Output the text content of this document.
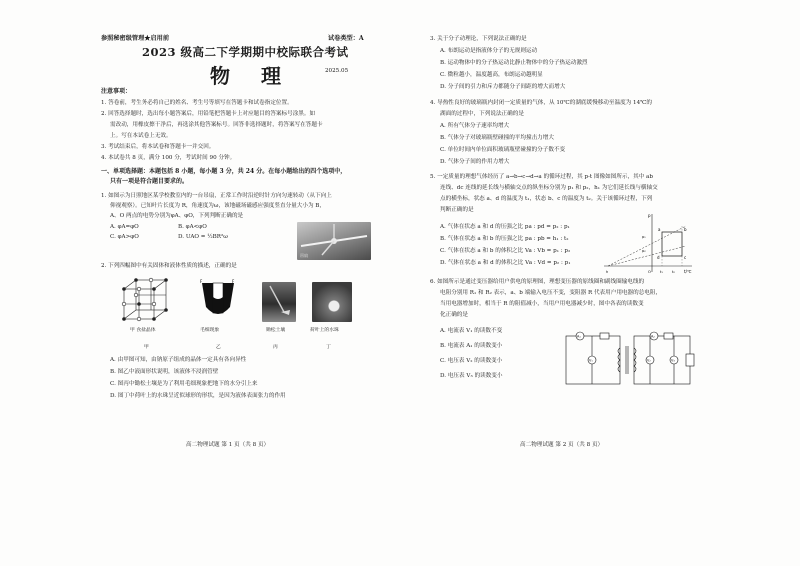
参照秘密级管理★启用前	试卷类型：A
2023 级高二下学期期中校际联合考试
物 理	2025.05
注意事项：
1. 答卷前，考生务必将自己的姓名、考生号等填写在答题卡和试卷指定位置。
2. 回答选择题时，选出每小题答案后，用铅笔把答题卡上对应题目的答案标号涂黑。如
需改动，用橡皮擦干净后，再选涂其他答案标号。回答非选择题时，将答案写在答题卡
上。写在本试卷上无效。
3. 考试结束后，将本试卷和答题卡一并交回。
4. 本试卷共 8 页，满分 100 分，考试时间 90 分钟。
一、单项选择题：本题包括 8 小题，每小题 3 分，共 24 分。在每小题给出的四个选项中，
只有一项是符合题目要求的。
1. 如图示为日照地区某学校教室内的一台吊扇，正常工作时沿逆时针方向匀速转动（从下向上
仰视观察）。已知叶片长度为 R，角速度为ω，该地磁场磁感应强度竖直分量大小为 B，
A、O 两点的电势分别为φA、φO，下列判断正确的是
A. φA=φO	B. φA<φO
C. φA>φO	D. UAO = ½BR²ω
吊扇
2. 下列四幅图中有关固体和液体性质的描述，正确的是
甲 食盐晶体
甲
F	F
毛细现象
乙
锄松土壤
丙
荷叶上的水珠
丁
A. 由甲图可知，由钠原子组成的晶体一定具有各向异性
B. 图乙中液面形状说明，该液体不浸润管壁
C. 图丙中锄松土壤是为了利用毛细现象把地下的水分引上来
D. 图丁中荷叶上的水珠呈近似球形的形状，是因为液体表面张力的作用
高二物理试题 第 1 页（共 8 页）
3. 关于分子动理论，下列说法正确的是
A. 布朗运动是指液体分子的无规则运动
B. 运动物体中的分子热运动比静止物体中的分子热运动激烈
C. 微粒越小，温度越高，布朗运动越明显
D. 分子间的引力和斥力都随分子间距的增大而增大
4. 导热性良好的玻璃瓶内封闭一定质量的气体，从 10℃的湖底缓慢移动至温度为 14℃的
湖面的过程中，下列说法正确的是
A. 所有气体分子速率均增大
B. 气体分子对玻璃瓶壁碰撞的平均撞击力增大
C. 单位时间内单位面积玻璃瓶壁碰撞的分子数不变
D. 气体分子间的作用力增大
5. 一定质量的理想气体经历了 a→b→c→d→a 的循环过程，其 p-t 图像如图所示，其中 ab
连线、dc 连线的延长线与横轴交点的纵坐标分别为 p₁ 和 p₂，h₁ 为它们延长线与横轴交
点的横坐标，状态 a、d 的温度为 t₁，状态 b、c 的温度为 t₂。关于该循环过程，下列
判断正确的是
A. 气体在状态 a 和 d 的压强之比 pa : pd = p₂ : p₁
B. 气体在状态 a 和 b 的压强之比 pa : pb = h₁ : t₂
C. 气体在状态 a 和 b 的体积之比 Va : Vb = p₁ : p₂
D. 气体在状态 a 和 d 的体积之比 Va : Vd = p₂ : p₁
p
t/℃
a	b
c
d
p₁
p₂
h	O	t₁	t₂
6. 如图所示是通过变压器给用户供电的原理图，理想变压器的原线圈和副线圈输电线的
电阻分别用 R₁ 和 R₂ 表示，a、b 端输入电压不变，变阻器 R 代表用户用电器的总电阻，
当用电器增加时，相当于 R 的阻值减小，当用户用电器减少时，图中各表的读数变
化正确的是
A. 电流表 V₁ 的读数不变
B. 电流表 A₁ 的读数变小
C. 电压表 V₂ 的读数变小
D. 电压表 V₃ 的读数变小
A₁
V₁
A₂
V₂	V₃
高二物理试题 第 2 页（共 8 页）
